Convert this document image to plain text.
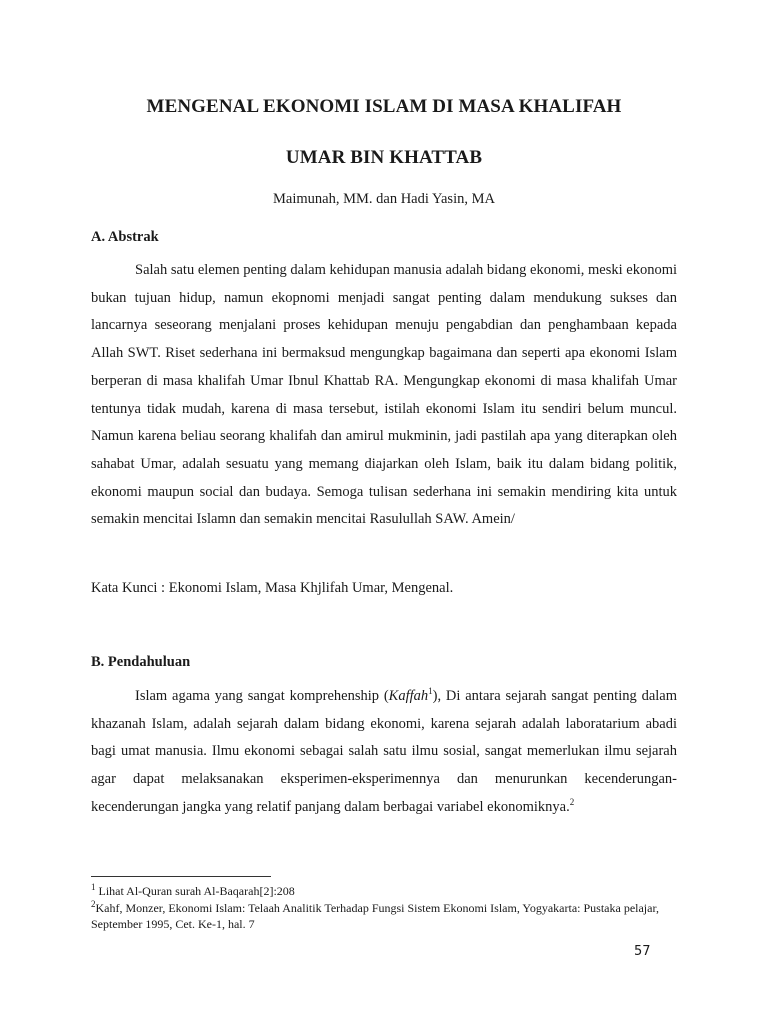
MENGENAL EKONOMI ISLAM DI MASA KHALIFAH
UMAR BIN KHATTAB

Maimunah, MM. dan Hadi Yasin, MA

A. Abstrak

Salah satu elemen penting dalam kehidupan manusia adalah bidang ekonomi, meski ekonomi bukan tujuan hidup, namun ekopnomi menjadi sangat penting dalam mendukung sukses dan lancarnya seseorang menjalani proses kehidupan menuju pengabdian dan penghambaan kepada Allah SWT. Riset sederhana ini bermaksud mengungkap bagaimana dan seperti apa ekonomi Islam berperan di masa khalifah Umar Ibnul Khattab RA. Mengungkap ekonomi di masa khalifah Umar tentunya tidak mudah, karena di masa tersebut, istilah ekonomi Islam itu sendiri belum muncul. Namun karena beliau seorang khalifah dan amirul mukminin, jadi pastilah apa yang diterapkan oleh sahabat Umar, adalah sesuatu yang memang diajarkan oleh Islam, baik itu dalam bidang politik, ekonomi maupun social dan budaya. Semoga tulisan sederhana ini semakin mendiring kita untuk semakin mencitai Islamn dan semakin mencitai Rasulullah SAW. Amein/

Kata Kunci : Ekonomi Islam, Masa Khjlifah Umar, Mengenal.

B. Pendahuluan

Islam agama yang sangat komprehenship (Kaffah$^1$), Di antara sejarah sangat penting dalam khazanah Islam, adalah sejarah dalam bidang ekonomi, karena sejarah adalah laboratarium abadi bagi umat manusia. Ilmu ekonomi sebagai salah satu ilmu sosial, sangat memerlukan ilmu sejarah agar dapat melaksanakan eksperimen-eksperimennya dan menurunkan kecenderungan-kecenderungan jangka yang relatif panjang dalam berbagai variabel ekonomiknya.$^2$

$^1$ Lihat Al-Quran surah Al-Baqarah[2]:208

$^2$Kahf, Monzer, Ekonomi Islam: Telaah Analitik Terhadap Fungsi Sistem Ekonomi Islam, Yogyakarta: Pustaka pelajar, September 1995, Cet. Ke-1, hal. 7

57
